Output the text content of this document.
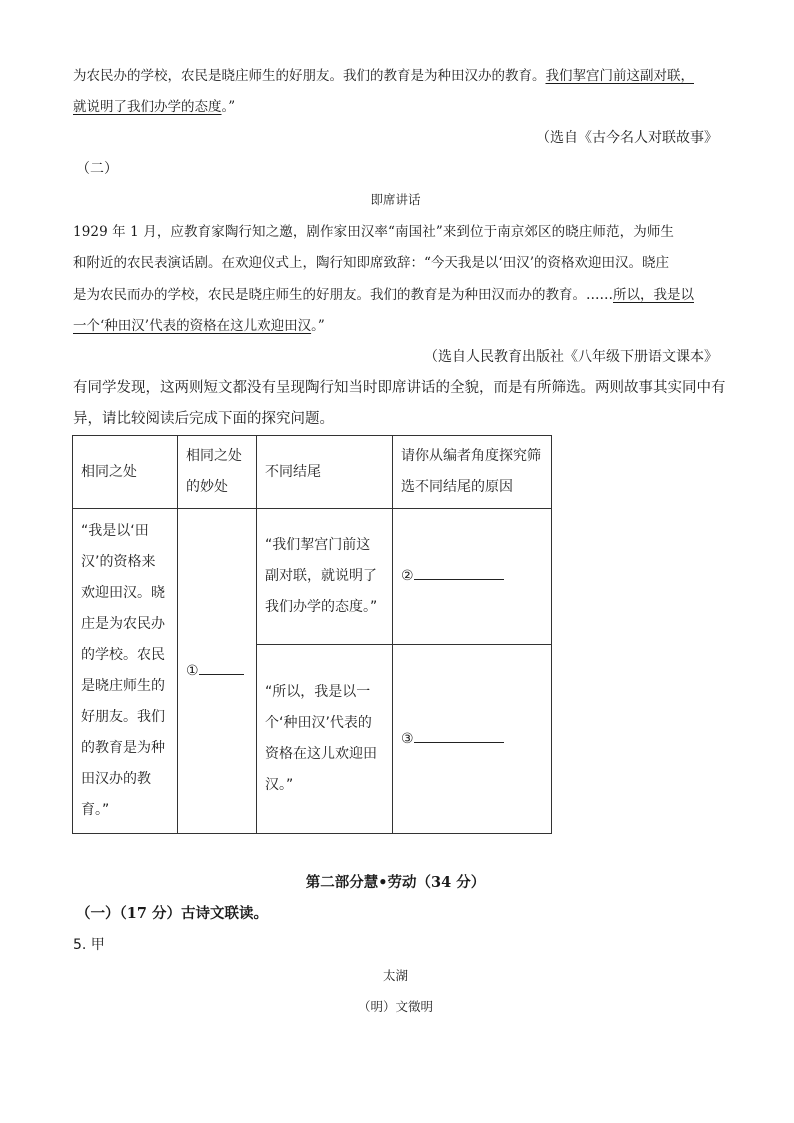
为农民办的学校，农民是晓庄师生的好朋友。我们的教育是为种田汉办的教育。我们挈宫门前这副对联，
就说明了我们办学的态度。”
（选自《古今名人对联故事》
（二）
即席讲话
1929 年 1 月，应教育家陶行知之邀，剧作家田汉率“南国社”来到位于南京郊区的晓庄师范，为师生
和附近的农民表演话剧。在欢迎仪式上，陶行知即席致辞：“今天我是以‘田汉’的资格欢迎田汉。晓庄
是为农民而办的学校，农民是晓庄师生的好朋友。我们的教育是为种田汉而办的教育。……所以，我是以
一个‘种田汉’代表的资格在这儿欢迎田汉。”
（选自人民教育出版社《八年级下册语文课本》
有同学发现，这两则短文都没有呈现陶行知当时即席讲话的全貌，而是有所筛选。两则故事其实同中有
异，请比较阅读后完成下面的探究问题。
相同之处	相同之处的妙处	不同结尾	请你从编者角度探究筛选不同结尾的原因
“我是以‘田汉’的资格来欢迎田汉。晓庄是为农民办的学校。农民是晓庄师生的好朋友。我们的教育是为种田汉办的教育。”	①	“我们挈宫门前这副对联，就说明了我们办学的态度。”	②
		“所以，我是以一个‘种田汉’代表的资格在这儿欢迎田汉。”	③
第二部分慧•劳动（34 分）
（一）（17 分）古诗文联读。
5. 甲
太湖
（明）文徵明
